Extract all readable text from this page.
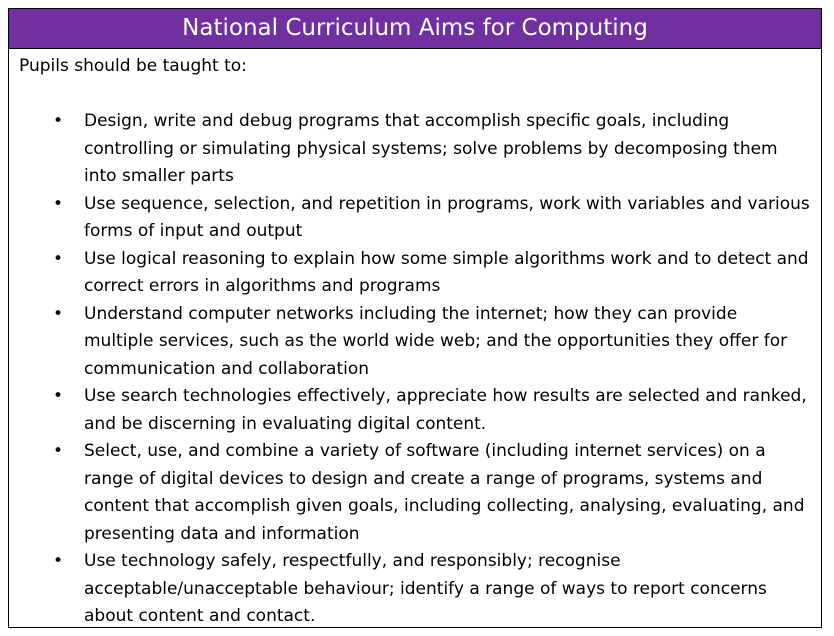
National Curriculum Aims for Computing

Pupils should be taught to:

• Design, write and debug programs that accomplish specific goals, including controlling or simulating physical systems; solve problems by decomposing them into smaller parts
• Use sequence, selection, and repetition in programs, work with variables and various forms of input and output
• Use logical reasoning to explain how some simple algorithms work and to detect and correct errors in algorithms and programs
• Understand computer networks including the internet; how they can provide multiple services, such as the world wide web; and the opportunities they offer for communication and collaboration
• Use search technologies effectively, appreciate how results are selected and ranked, and be discerning in evaluating digital content.
• Select, use, and combine a variety of software (including internet services) on a range of digital devices to design and create a range of programs, systems and content that accomplish given goals, including collecting, analysing, evaluating, and presenting data and information
• Use technology safely, respectfully, and responsibly; recognise acceptable/unacceptable behaviour; identify a range of ways to report concerns about content and contact.
